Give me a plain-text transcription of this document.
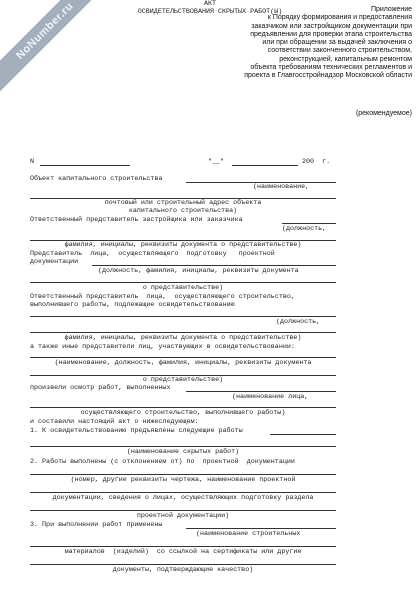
NoNumber.ru	Приложение
к Порядку формирования и предоставления
заказчиком или застройщиком документации при
предъявлении для проверки этапа строительства
или при обращении за выдачей заключения о
соответствии законченного строительством,
реконструкцией, капитальным ремонтом
объекта требованиям технических регламентов и
проекта в Главгосстройнадзор Московской области
(рекомендуемое)
АКТ
ОСВИДЕТЕЛЬСТВОВАНИЯ СКРЫТЫХ РАБОТ(Ы)
N	"__"	200  г.
Объект капитального строительства
(наименование,
почтовый или строительный адрес объекта
капитального строительства)
Ответственный представитель застройщика или заказчика
(должность,
фамилия, инициалы, реквизиты документа о представительстве)
Представитель  лица,  осуществляющего  подготовку   проектной
документации
(должность, фамилия, инициалы, реквизиты документа
о представительстве)
Ответственный представитель  лица,  осуществляющего строительство,
выполнившего работы, подлежащие освидетельствованию
(должность,
фамилия, инициалы, реквизиты документа о представительстве)
а также иные представители лиц, участвующих в освидетельствовании:
(наименование, должность, фамилия, инициалы, реквизиты документа
о представительстве)
произвели осмотр работ, выполненных
(наименование лица,
осуществляющего строительство, выполнившего работы)
и составили настоящий акт о нижеследующем:
1. К освидетельствованию предъявлены следующие работы
(наименование скрытых работ)
2. Работы выполнены (с отклонением от) по  проектной  документации
(номер, другие реквизиты чертежа, наименование проектной
документации, сведения о лицах, осуществляющих подготовку раздела
проектной документации)
3. При выполнении работ применены
(наименование строительных
материалов  (изделий)  со ссылкой на сертификаты или другие
документы, подтверждающие качество)
